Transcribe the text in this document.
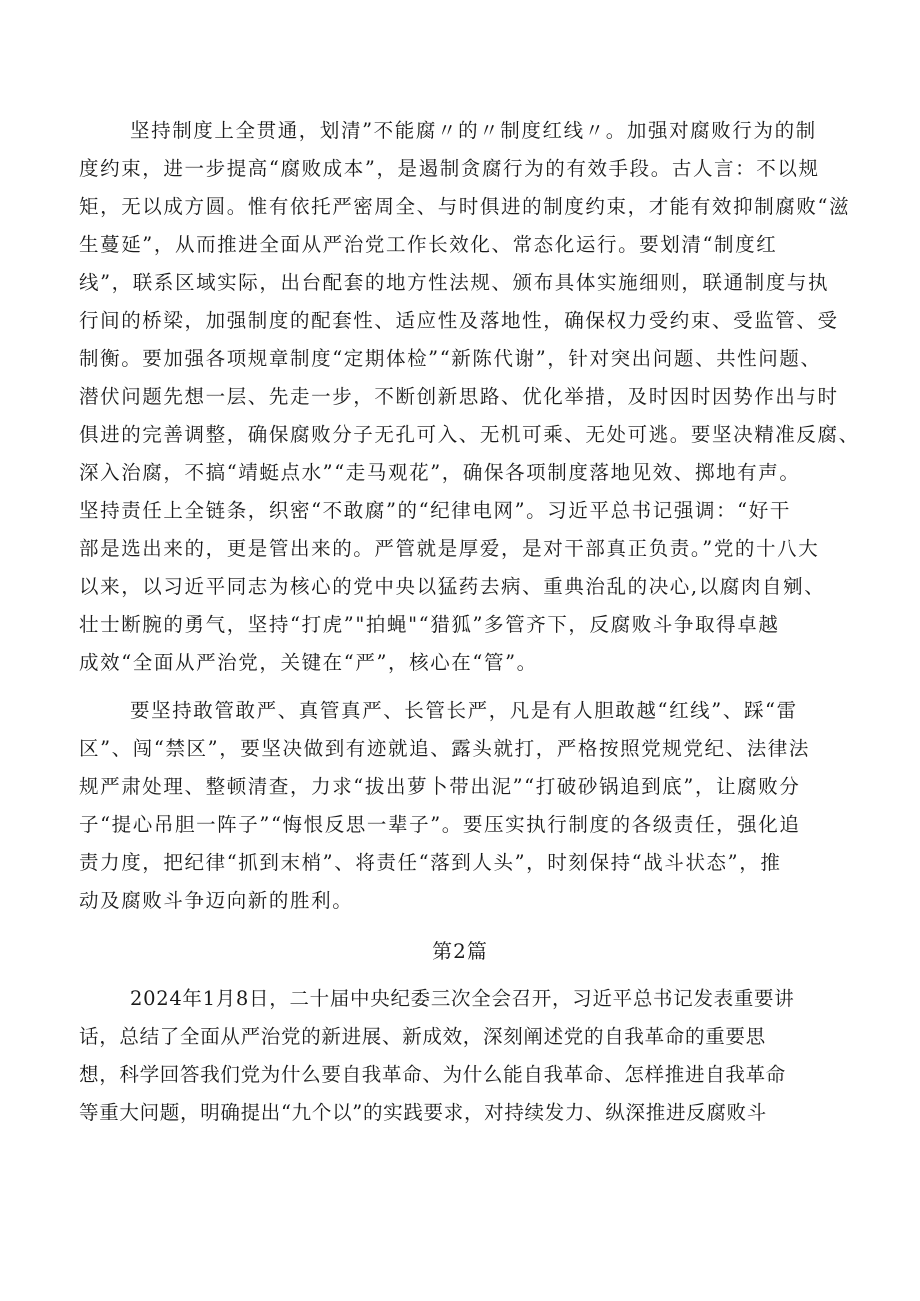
坚持制度上全贯通，划清”不能腐〃的〃制度红线〃。加强对腐败行为的制
度约束，进一步提高“腐败成本”，是遏制贪腐行为的有效手段。古人言：不以规
矩，无以成方圆。惟有依托严密周全、与时俱进的制度约束，才能有效抑制腐败“滋
生蔓延”，从而推进全面从严治党工作长效化、常态化运行。要划清“制度红
线”，联系区域实际，出台配套的地方性法规、颁布具体实施细则，联通制度与执
行间的桥梁，加强制度的配套性、适应性及落地性，确保权力受约束、受监管、受
制衡。要加强各项规章制度“定期体检”“新陈代谢”，针对突出问题、共性问题、
潜伏问题先想一层、先走一步，不断创新思路、优化举措，及时因时因势作出与时
俱进的完善调整，确保腐败分子无孔可入、无机可乘、无处可逃。要坚决精准反腐、
深入治腐，不搞“靖蜓点水”“走马观花”，确保各项制度落地见效、掷地有声。
坚持责任上全链条，织密“不敢腐”的“纪律电网”。习近平总书记强调：“好干
部是选出来的，更是管出来的。严管就是厚爱，是对干部真正负责。”党的十八大
以来，以习近平同志为核心的党中央以猛药去病、重典治乱的决心,以腐肉自剜、
壮士断腕的勇气，坚持“打虎”"拍蝇"“猎狐”多管齐下，反腐败斗争取得卓越
成效“全面从严治党，关键在“严”，核心在“管”。
要坚持敢管敢严、真管真严、长管长严，凡是有人胆敢越“红线”、踩“雷
区”、闯“禁区”，要坚决做到有迹就追、露头就打，严格按照党规党纪、法律法
规严肃处理、整顿清查，力求“拔出萝卜带出泥”“打破砂锅追到底”，让腐败分
子“提心吊胆一阵子”“悔恨反思一辈子”。要压实执行制度的各级责任，强化追
责力度，把纪律“抓到末梢”、将责任“落到人头”，时刻保持“战斗状态”，推
动及腐败斗争迈向新的胜利。
第2篇
2024年1月8日，二十届中央纪委三次全会召开，习近平总书记发表重要讲
话，总结了全面从严治党的新进展、新成效，深刻阐述党的自我革命的重要思
想，科学回答我们党为什么要自我革命、为什么能自我革命、怎样推进自我革命
等重大问题，明确提出“九个以”的实践要求，对持续发力、纵深推进反腐败斗
